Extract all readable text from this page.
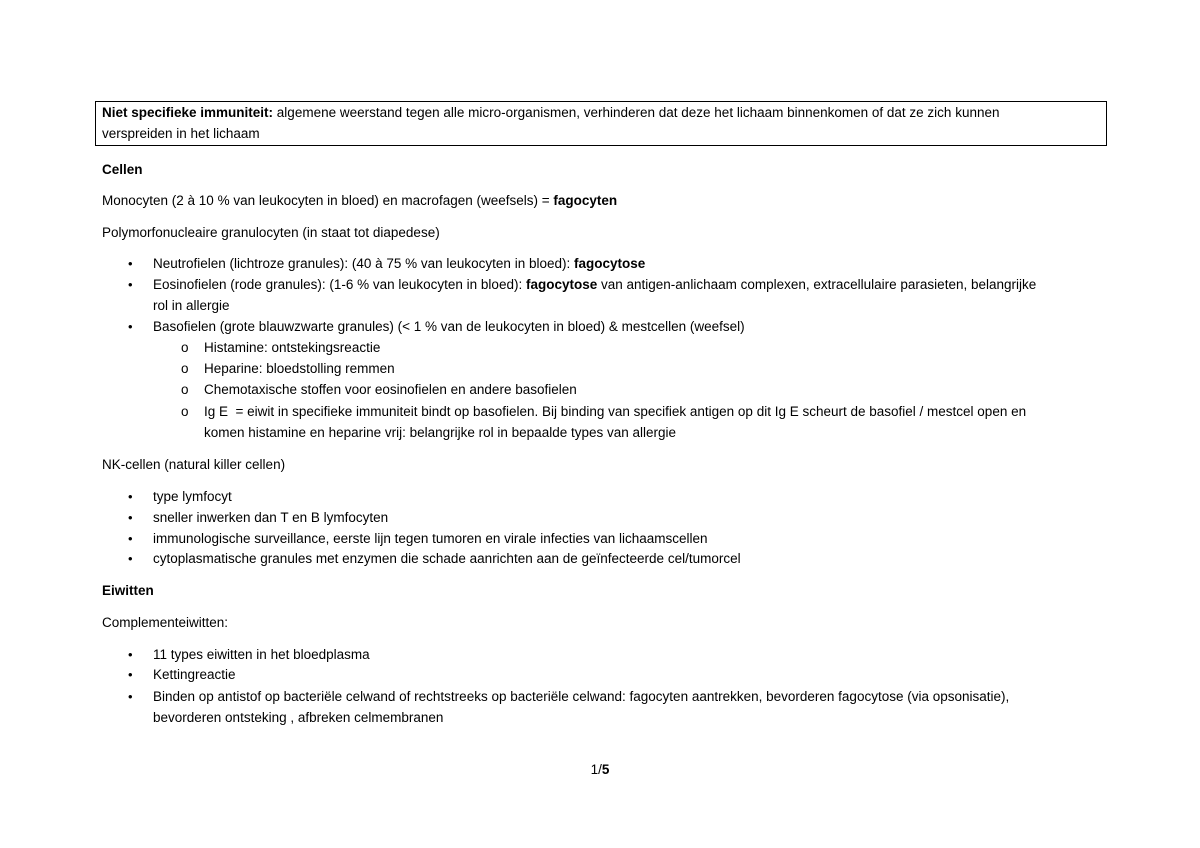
Niet specifieke immuniteit: algemene weerstand tegen alle micro-organismen, verhinderen dat deze het lichaam binnenkomen of dat ze zich kunnen
verspreiden in het lichaam
Cellen
Monocyten (2 à 10 % van leukocyten in bloed) en macrofagen (weefsels) = fagocyten
Polymorfonucleaire granulocyten (in staat tot diapedese)
• Neutrofielen (lichtroze granules): (40 à 75 % van leukocyten in bloed): fagocytose
• Eosinofielen (rode granules): (1-6 % van leukocyten in bloed): fagocytose van antigen-anlichaam complexen, extracellulaire parasieten, belangrijke
rol in allergie
• Basofielen (grote blauwzwarte granules) (< 1 % van de leukocyten in bloed) & mestcellen (weefsel)
o Histamine: ontstekingsreactie
o Heparine: bloedstolling remmen
o Chemotaxische stoffen voor eosinofielen en andere basofielen
o Ig E  = eiwit in specifieke immuniteit bindt op basofielen. Bij binding van specifiek antigen op dit Ig E scheurt de basofiel / mestcel open en
komen histamine en heparine vrij: belangrijke rol in bepaalde types van allergie
NK-cellen (natural killer cellen)
• type lymfocyt
• sneller inwerken dan T en B lymfocyten
• immunologische surveillance, eerste lijn tegen tumoren en virale infecties van lichaamscellen
• cytoplasmatische granules met enzymen die schade aanrichten aan de geïnfecteerde cel/tumorcel
Eiwitten
Complementeiwitten:
• 11 types eiwitten in het bloedplasma
• Kettingreactie
• Binden op antistof op bacteriële celwand of rechtstreeks op bacteriële celwand: fagocyten aantrekken, bevorderen fagocytose (via opsonisatie),
bevorderen ontsteking , afbreken celmembranen
1/5
